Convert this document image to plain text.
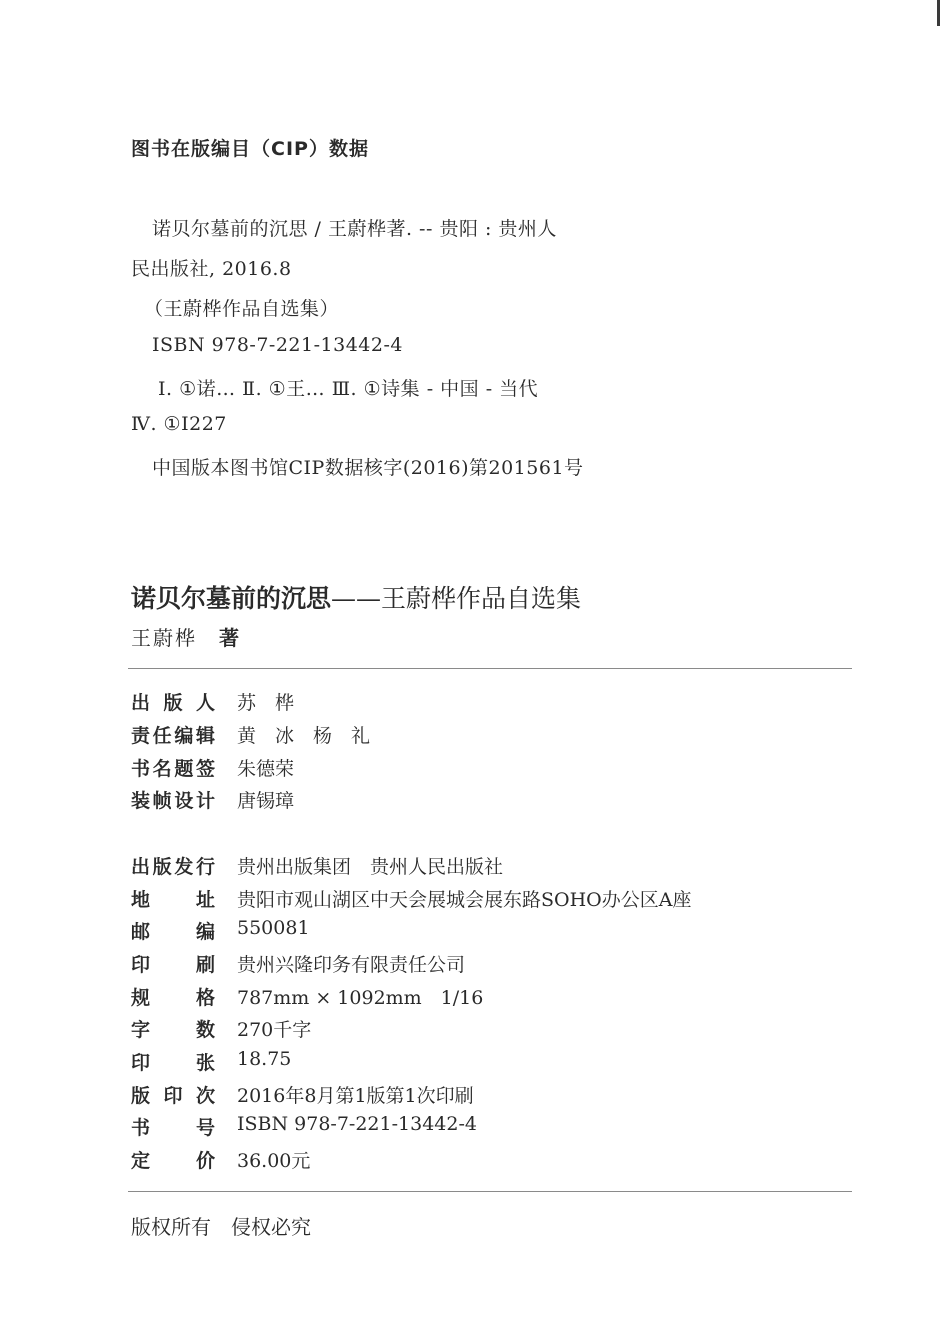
图书在版编目（CIP）数据
诺贝尔墓前的沉思 / 王蔚桦著. -- 贵阳 : 贵州人
民出版社, 2016.8
（王蔚桦作品自选集）
ISBN 978-7-221-13442-4
Ⅰ. ①诺… Ⅱ. ①王… Ⅲ. ①诗集 - 中国 - 当代
Ⅳ. ①I227
中国版本图书馆CIP数据核字(2016)第201561号
诺贝尔墓前的沉思——王蔚桦作品自选集
王蔚桦 著
出版人 苏　桦
责任编辑 黄　冰　杨　礼
书名题签 朱德荣
装帧设计 唐锡璋
出版发行 贵州出版集团　贵州人民出版社
地址 贵阳市观山湖区中天会展城会展东路SOHO办公区A座
邮编 550081
印刷 贵州兴隆印务有限责任公司
规格 787mm × 1092mm　1/16
字数 270千字
印张 18.75
版印次 2016年8月第1版第1次印刷
书号 ISBN 978-7-221-13442-4
定价 36.00元
版权所有 侵权必究
